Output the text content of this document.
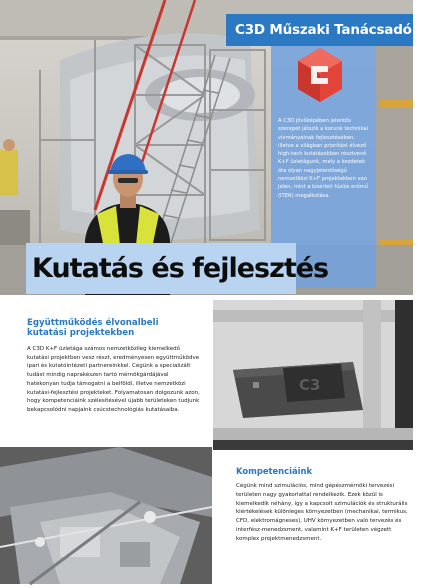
C3D Műszaki Tanácsadó Kft.
A C3D jövőképében jelentős szerepet játszik a korunk technikai vívmányainak fejlesztésében, illetve a világban prioritást élvező high-tech kutatásokban résztvevő K+F üzletágunk, mely a kezdetek óta olyan nagyjelentőségű nemzetközi K+F projektekben van jelen, mint a kísérleti fúziós erőmű (ITER) megalkotása.
Kutatás és fejlesztés
Együttműködés élvonalbeli kutatási projektekben
A C3D K+F üzletága számos nemzetközileg kiemelkedő kutatási projektben vesz részt, eredményesen együttműködve ipari és kutatóintézeti partnereinkkel. Cégünk a specializált tudást mindig naprakészen tartó mérnökgárdájával hatékonyan tudja támogatni a belföldi, illetve nemzetközi kutatási-fejlesztési projekteket. Folyamatosan dolgozunk azon, hogy kompetenciáink szélesítésével újabb területeken tudjunk bekapcsolódni napjaink csúcstechnológiás kutatásaiba.
C3
Kompetenciáink
Cégünk mind szimulációs, mind gépészmérnöki tervezési területen nagy gyakorlattal rendelkezik. Ezek közül is kiemelkedik néhány, így a kapcsolt szimulációk és strukturális kiértékelések különleges környezetben (mechanikai, termikus, CFD, elektromágneses), UHV környezetben való tervezés és interfész-menedzsment, valamint K+F területen végzett komplex projektmenedzsment.
